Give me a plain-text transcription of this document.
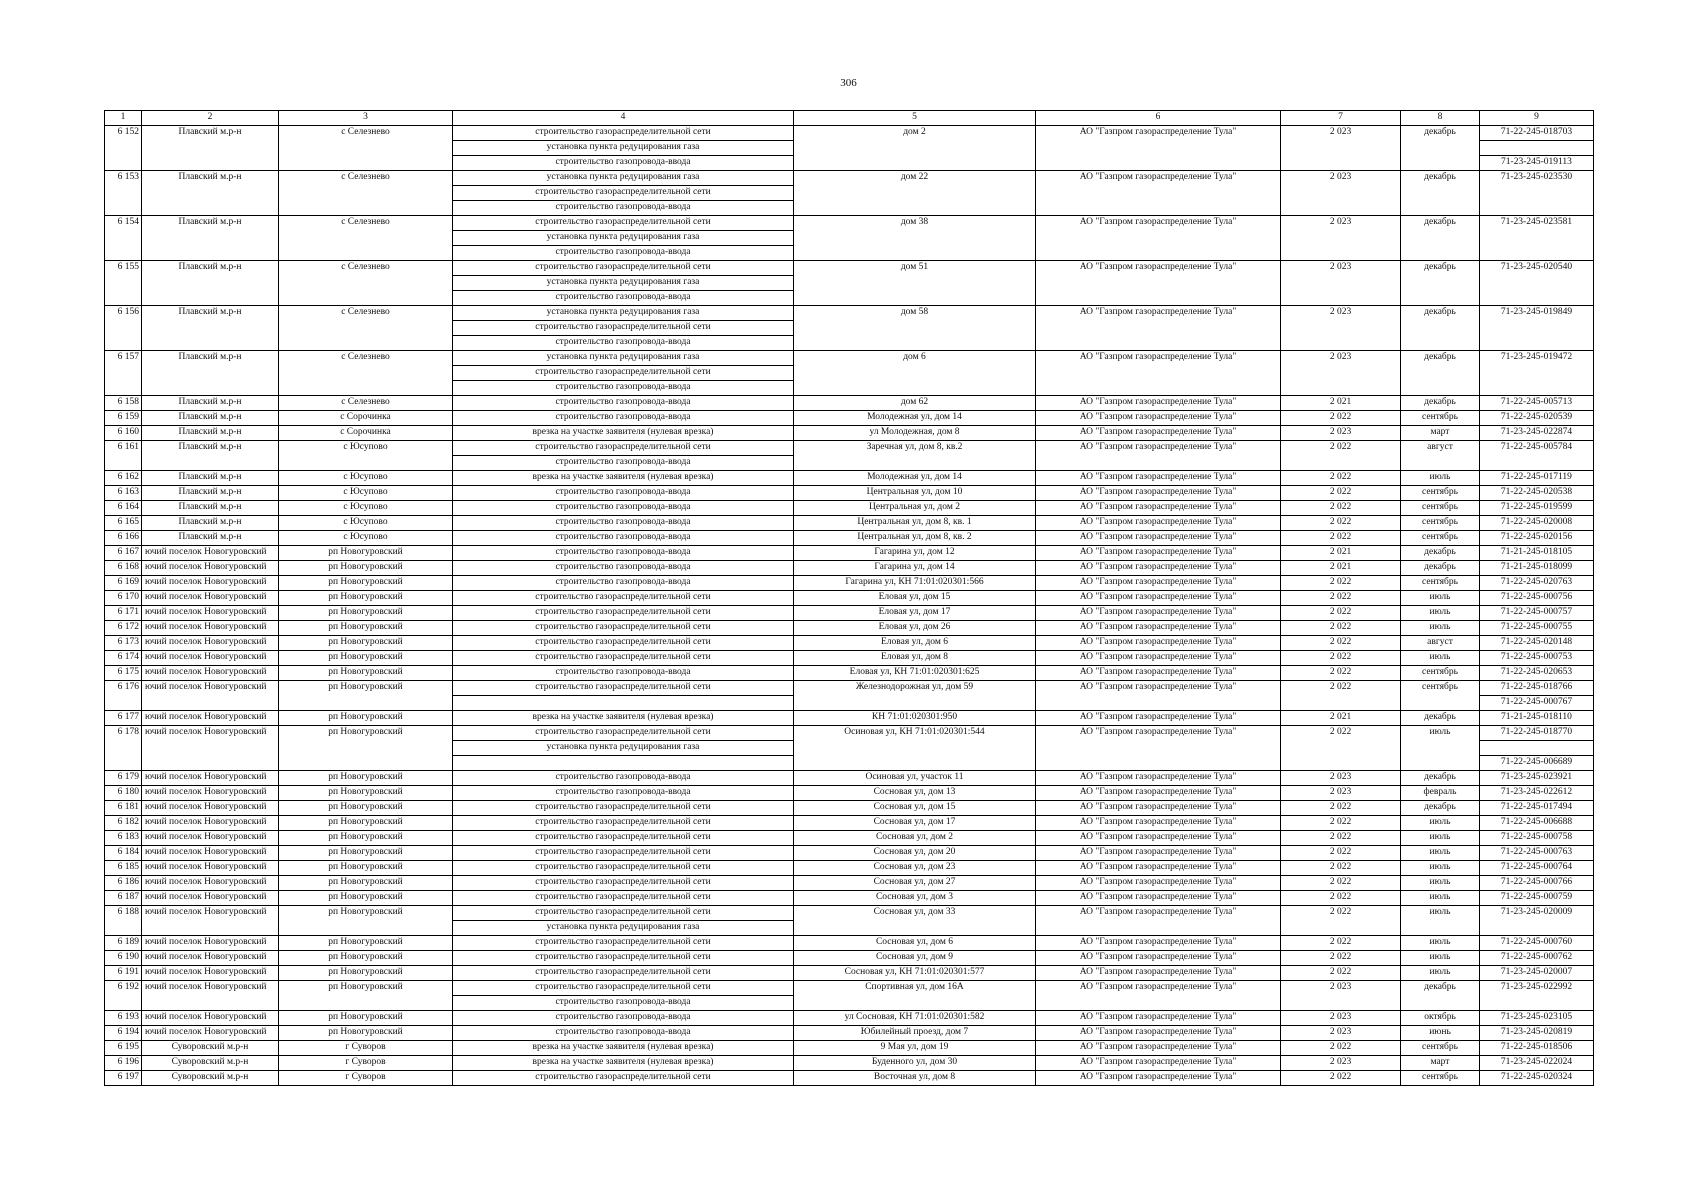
306
1	2	3	4	5	6	7	8	9
6 152	Плавский м.р-н	с Селезнево	строительство газораспределительной сети	дом 2	АО "Газпром газораспределение Тула"	2 023	декабрь	71-22-245-018703
			установка пункта редуцирования газа					
			строительство газопровода-ввода					71-23-245-019113
6 153	Плавский м.р-н	с Селезнево	установка пункта редуцирования газа	дом 22	АО "Газпром газораспределение Тула"	2 023	декабрь	71-23-245-023530
			строительство газораспределительной сети					
			строительство газопровода-ввода					
6 154	Плавский м.р-н	с Селезнево	строительство газораспределительной сети	дом 38	АО "Газпром газораспределение Тула"	2 023	декабрь	71-23-245-023581
			установка пункта редуцирования газа					
			строительство газопровода-ввода					
6 155	Плавский м.р-н	с Селезнево	строительство газораспределительной сети	дом 51	АО "Газпром газораспределение Тула"	2 023	декабрь	71-23-245-020540
			установка пункта редуцирования газа					
			строительство газопровода-ввода					
6 156	Плавский м.р-н	с Селезнево	установка пункта редуцирования газа	дом 58	АО "Газпром газораспределение Тула"	2 023	декабрь	71-23-245-019849
			строительство газораспределительной сети					
			строительство газопровода-ввода					
6 157	Плавский м.р-н	с Селезнево	установка пункта редуцирования газа	дом 6	АО "Газпром газораспределение Тула"	2 023	декабрь	71-23-245-019472
			строительство газораспределительной сети					
			строительство газопровода-ввода					
6 158	Плавский м.р-н	с Селезнево	строительство газопровода-ввода	дом 62	АО "Газпром газораспределение Тула"	2 021	декабрь	71-22-245-005713
6 159	Плавский м.р-н	с Сорочинка	строительство газопровода-ввода	Молодежная ул, дом 14	АО "Газпром газораспределение Тула"	2 022	сентябрь	71-22-245-020539
6 160	Плавский м.р-н	с Сорочинка	врезка на участке заявителя (нулевая врезка)	ул Молодежная, дом 8	АО "Газпром газораспределение Тула"	2 023	март	71-23-245-022874
6 161	Плавский м.р-н	с Юсупово	строительство газораспределительной сети	Заречная ул, дом 8, кв.2	АО "Газпром газораспределение Тула"	2 022	август	71-22-245-005784
			строительство газопровода-ввода					
6 162	Плавский м.р-н	с Юсупово	врезка на участке заявителя (нулевая врезка)	Молодежная ул, дом 14	АО "Газпром газораспределение Тула"	2 022	июль	71-22-245-017119
6 163	Плавский м.р-н	с Юсупово	строительство газопровода-ввода	Центральная ул, дом 10	АО "Газпром газораспределение Тула"	2 022	сентябрь	71-22-245-020538
6 164	Плавский м.р-н	с Юсупово	строительство газопровода-ввода	Центральная ул, дом 2	АО "Газпром газораспределение Тула"	2 022	сентябрь	71-22-245-019599
6 165	Плавский м.р-н	с Юсупово	строительство газопровода-ввода	Центральная ул, дом 8, кв. 1	АО "Газпром газораспределение Тула"	2 022	сентябрь	71-22-245-020008
6 166	Плавский м.р-н	с Юсупово	строительство газопровода-ввода	Центральная ул, дом 8, кв. 2	АО "Газпром газораспределение Тула"	2 022	сентябрь	71-22-245-020156
6 167	ючий поселок Новогуровский	рп Новогуровский	строительство газопровода-ввода	Гагарина ул, дом 12	АО "Газпром газораспределение Тула"	2 021	декабрь	71-21-245-018105
6 168	ючий поселок Новогуровский	рп Новогуровский	строительство газопровода-ввода	Гагарина ул, дом 14	АО "Газпром газораспределение Тула"	2 021	декабрь	71-21-245-018099
6 169	ючий поселок Новогуровский	рп Новогуровский	строительство газопровода-ввода	Гагарина ул, КН 71:01:020301:566	АО "Газпром газораспределение Тула"	2 022	сентябрь	71-22-245-020763
6 170	ючий поселок Новогуровский	рп Новогуровский	строительство газораспределительной сети	Еловая ул, дом 15	АО "Газпром газораспределение Тула"	2 022	июль	71-22-245-000756
6 171	ючий поселок Новогуровский	рп Новогуровский	строительство газораспределительной сети	Еловая ул, дом 17	АО "Газпром газораспределение Тула"	2 022	июль	71-22-245-000757
6 172	ючий поселок Новогуровский	рп Новогуровский	строительство газораспределительной сети	Еловая ул, дом 26	АО "Газпром газораспределение Тула"	2 022	июль	71-22-245-000755
6 173	ючий поселок Новогуровский	рп Новогуровский	строительство газораспределительной сети	Еловая ул, дом 6	АО "Газпром газораспределение Тула"	2 022	август	71-22-245-020148
6 174	ючий поселок Новогуровский	рп Новогуровский	строительство газораспределительной сети	Еловая ул, дом 8	АО "Газпром газораспределение Тула"	2 022	июль	71-22-245-000753
6 175	ючий поселок Новогуровский	рп Новогуровский	строительство газопровода-ввода	Еловая ул, КН 71:01:020301:625	АО "Газпром газораспределение Тула"	2 022	сентябрь	71-22-245-020653
6 176	ючий поселок Новогуровский	рп Новогуровский	строительство газораспределительной сети	Железнодорожная ул, дом 59	АО "Газпром газораспределение Тула"	2 022	сентябрь	71-22-245-018766
								71-22-245-000767
6 177	ючий поселок Новогуровский	рп Новогуровский	врезка на участке заявителя (нулевая врезка)	КН 71:01:020301:950	АО "Газпром газораспределение Тула"	2 021	декабрь	71-21-245-018110
6 178	ючий поселок Новогуровский	рп Новогуровский	строительство газораспределительной сети	Осиновая ул, КН 71:01:020301:544	АО "Газпром газораспределение Тула"	2 022	июль	71-22-245-018770
			установка пункта редуцирования газа					
								71-22-245-006689
6 179	ючий поселок Новогуровский	рп Новогуровский	строительство газопровода-ввода	Осиновая ул, участок 11	АО "Газпром газораспределение Тула"	2 023	декабрь	71-23-245-023921
6 180	ючий поселок Новогуровский	рп Новогуровский	строительство газопровода-ввода	Сосновая ул, дом 13	АО "Газпром газораспределение Тула"	2 023	февраль	71-23-245-022612
6 181	ючий поселок Новогуровский	рп Новогуровский	строительство газораспределительной сети	Сосновая ул, дом 15	АО "Газпром газораспределение Тула"	2 022	декабрь	71-22-245-017494
6 182	ючий поселок Новогуровский	рп Новогуровский	строительство газораспределительной сети	Сосновая ул, дом 17	АО "Газпром газораспределение Тула"	2 022	июль	71-22-245-006688
6 183	ючий поселок Новогуровский	рп Новогуровский	строительство газораспределительной сети	Сосновая ул, дом 2	АО "Газпром газораспределение Тула"	2 022	июль	71-22-245-000758
6 184	ючий поселок Новогуровский	рп Новогуровский	строительство газораспределительной сети	Сосновая ул, дом 20	АО "Газпром газораспределение Тула"	2 022	июль	71-22-245-000763
6 185	ючий поселок Новогуровский	рп Новогуровский	строительство газораспределительной сети	Сосновая ул, дом 23	АО "Газпром газораспределение Тула"	2 022	июль	71-22-245-000764
6 186	ючий поселок Новогуровский	рп Новогуровский	строительство газораспределительной сети	Сосновая ул, дом 27	АО "Газпром газораспределение Тула"	2 022	июль	71-22-245-000766
6 187	ючий поселок Новогуровский	рп Новогуровский	строительство газораспределительной сети	Сосновая ул, дом 3	АО "Газпром газораспределение Тула"	2 022	июль	71-22-245-000759
6 188	ючий поселок Новогуровский	рп Новогуровский	строительство газораспределительной сети	Сосновая ул, дом 33	АО "Газпром газораспределение Тула"	2 022	июль	71-23-245-020009
			установка пункта редуцирования газа					
6 189	ючий поселок Новогуровский	рп Новогуровский	строительство газораспределительной сети	Сосновая ул, дом 6	АО "Газпром газораспределение Тула"	2 022	июль	71-22-245-000760
6 190	ючий поселок Новогуровский	рп Новогуровский	строительство газораспределительной сети	Сосновая ул, дом 9	АО "Газпром газораспределение Тула"	2 022	июль	71-22-245-000762
6 191	ючий поселок Новогуровский	рп Новогуровский	строительство газораспределительной сети	Сосновая ул, КН 71:01:020301:577	АО "Газпром газораспределение Тула"	2 022	июль	71-23-245-020007
6 192	ючий поселок Новогуровский	рп Новогуровский	строительство газораспределительной сети	Спортивная ул, дом 16А	АО "Газпром газораспределение Тула"	2 023	декабрь	71-23-245-022992
			строительство газопровода-ввода					
6 193	ючий поселок Новогуровский	рп Новогуровский	строительство газопровода-ввода	ул Сосновая, КН 71:01:020301:582	АО "Газпром газораспределение Тула"	2 023	октябрь	71-23-245-023105
6 194	ючий поселок Новогуровский	рп Новогуровский	строительство газопровода-ввода	Юбилейный проезд, дом 7	АО "Газпром газораспределение Тула"	2 023	июнь	71-23-245-020819
6 195	Суворовский м.р-н	г Суворов	врезка на участке заявителя (нулевая врезка)	9 Мая ул, дом 19	АО "Газпром газораспределение Тула"	2 022	сентябрь	71-22-245-018506
6 196	Суворовский м.р-н	г Суворов	врезка на участке заявителя (нулевая врезка)	Буденного ул, дом 30	АО "Газпром газораспределение Тула"	2 023	март	71-23-245-022024
6 197	Суворовский м.р-н	г Суворов	строительство газораспределительной сети	Восточная ул, дом 8	АО "Газпром газораспределение Тула"	2 022	сентябрь	71-22-245-020324
